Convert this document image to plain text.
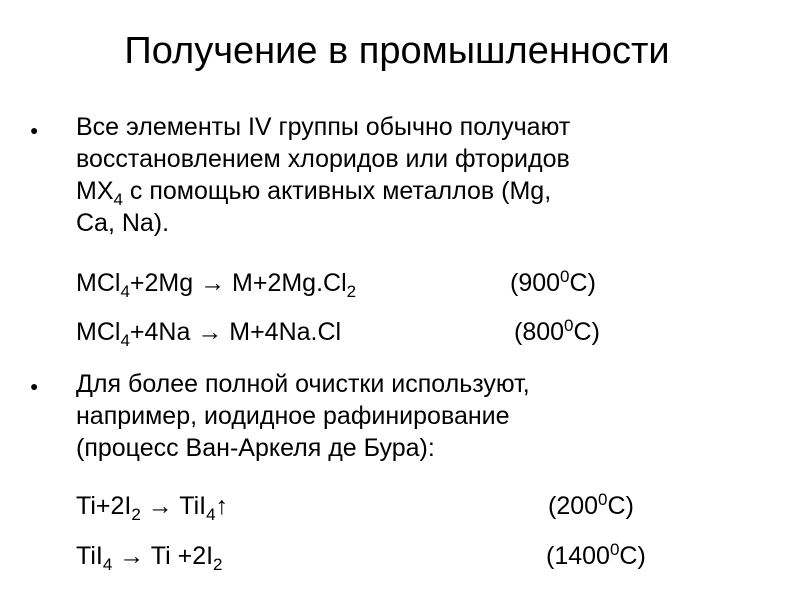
Получение в промышленности
● Все элементы IV группы обычно получают
восстановлением хлоридов или фторидов
$MX_4$ с помощью активных металлов (Mg,
Ca, Na).
$MCl_4+2Mg \to M+2Mg.Cl_2$	$(900^0C)$
MCl$_4$+4Na → M+4Na.Cl	$(800^0C)$
● Для более полной очистки используют,
например, иодидное рафинирование
(процесс Ван-Аркеля де Бура):
$Ti+2I_2$ → TiI$_4$↑	$(200^0C)$
$TiI_4 \to Ti +2I_2$	(1400$^0$C)
